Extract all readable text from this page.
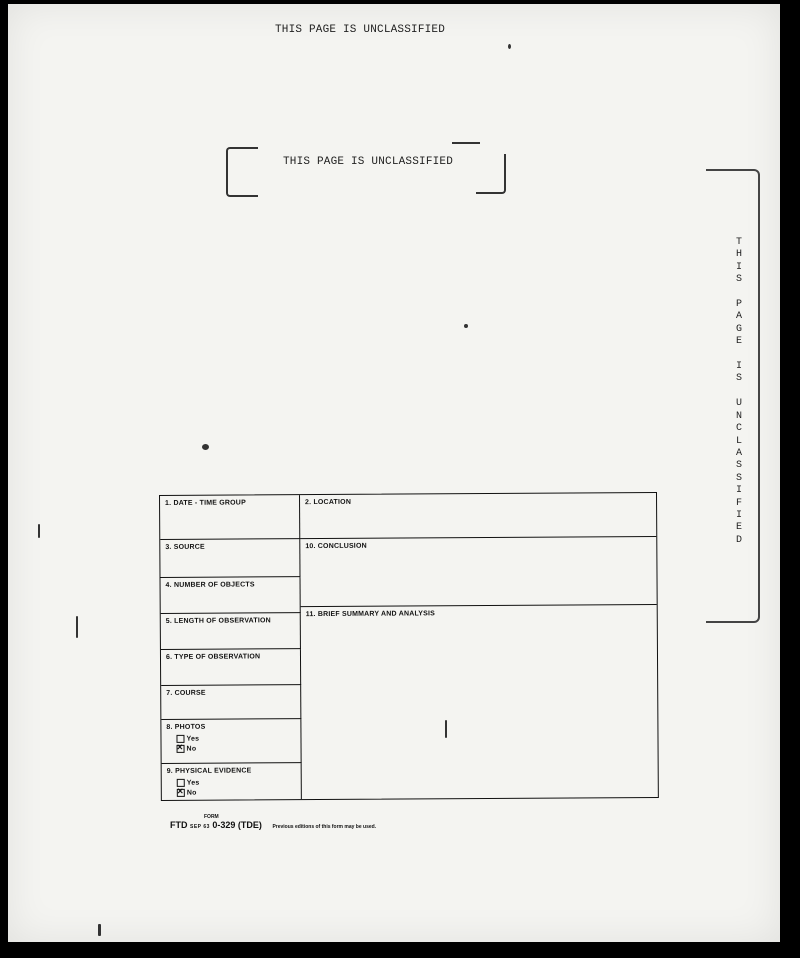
THIS PAGE IS UNCLASSIFIED
THIS PAGE IS UNCLASSIFIED
T
H
I
S

P
A
G
E

I
S

U
N
C
L
A
S
S
I
F
I
E
D
1. DATE - TIME GROUP	2. LOCATION
3. SOURCE	10. CONCLUSION
4. NUMBER OF OBJECTS
5. LENGTH OF OBSERVATION
11. BRIEF SUMMARY AND ANALYSIS
6. TYPE OF OBSERVATION
7. COURSE
8. PHOTOS
Yes
✕No
9. PHYSICAL EVIDENCE
Yes
✕No
FORM
FTD SEP 63 0-329 (TDE) Previous editions of this form may be used.
